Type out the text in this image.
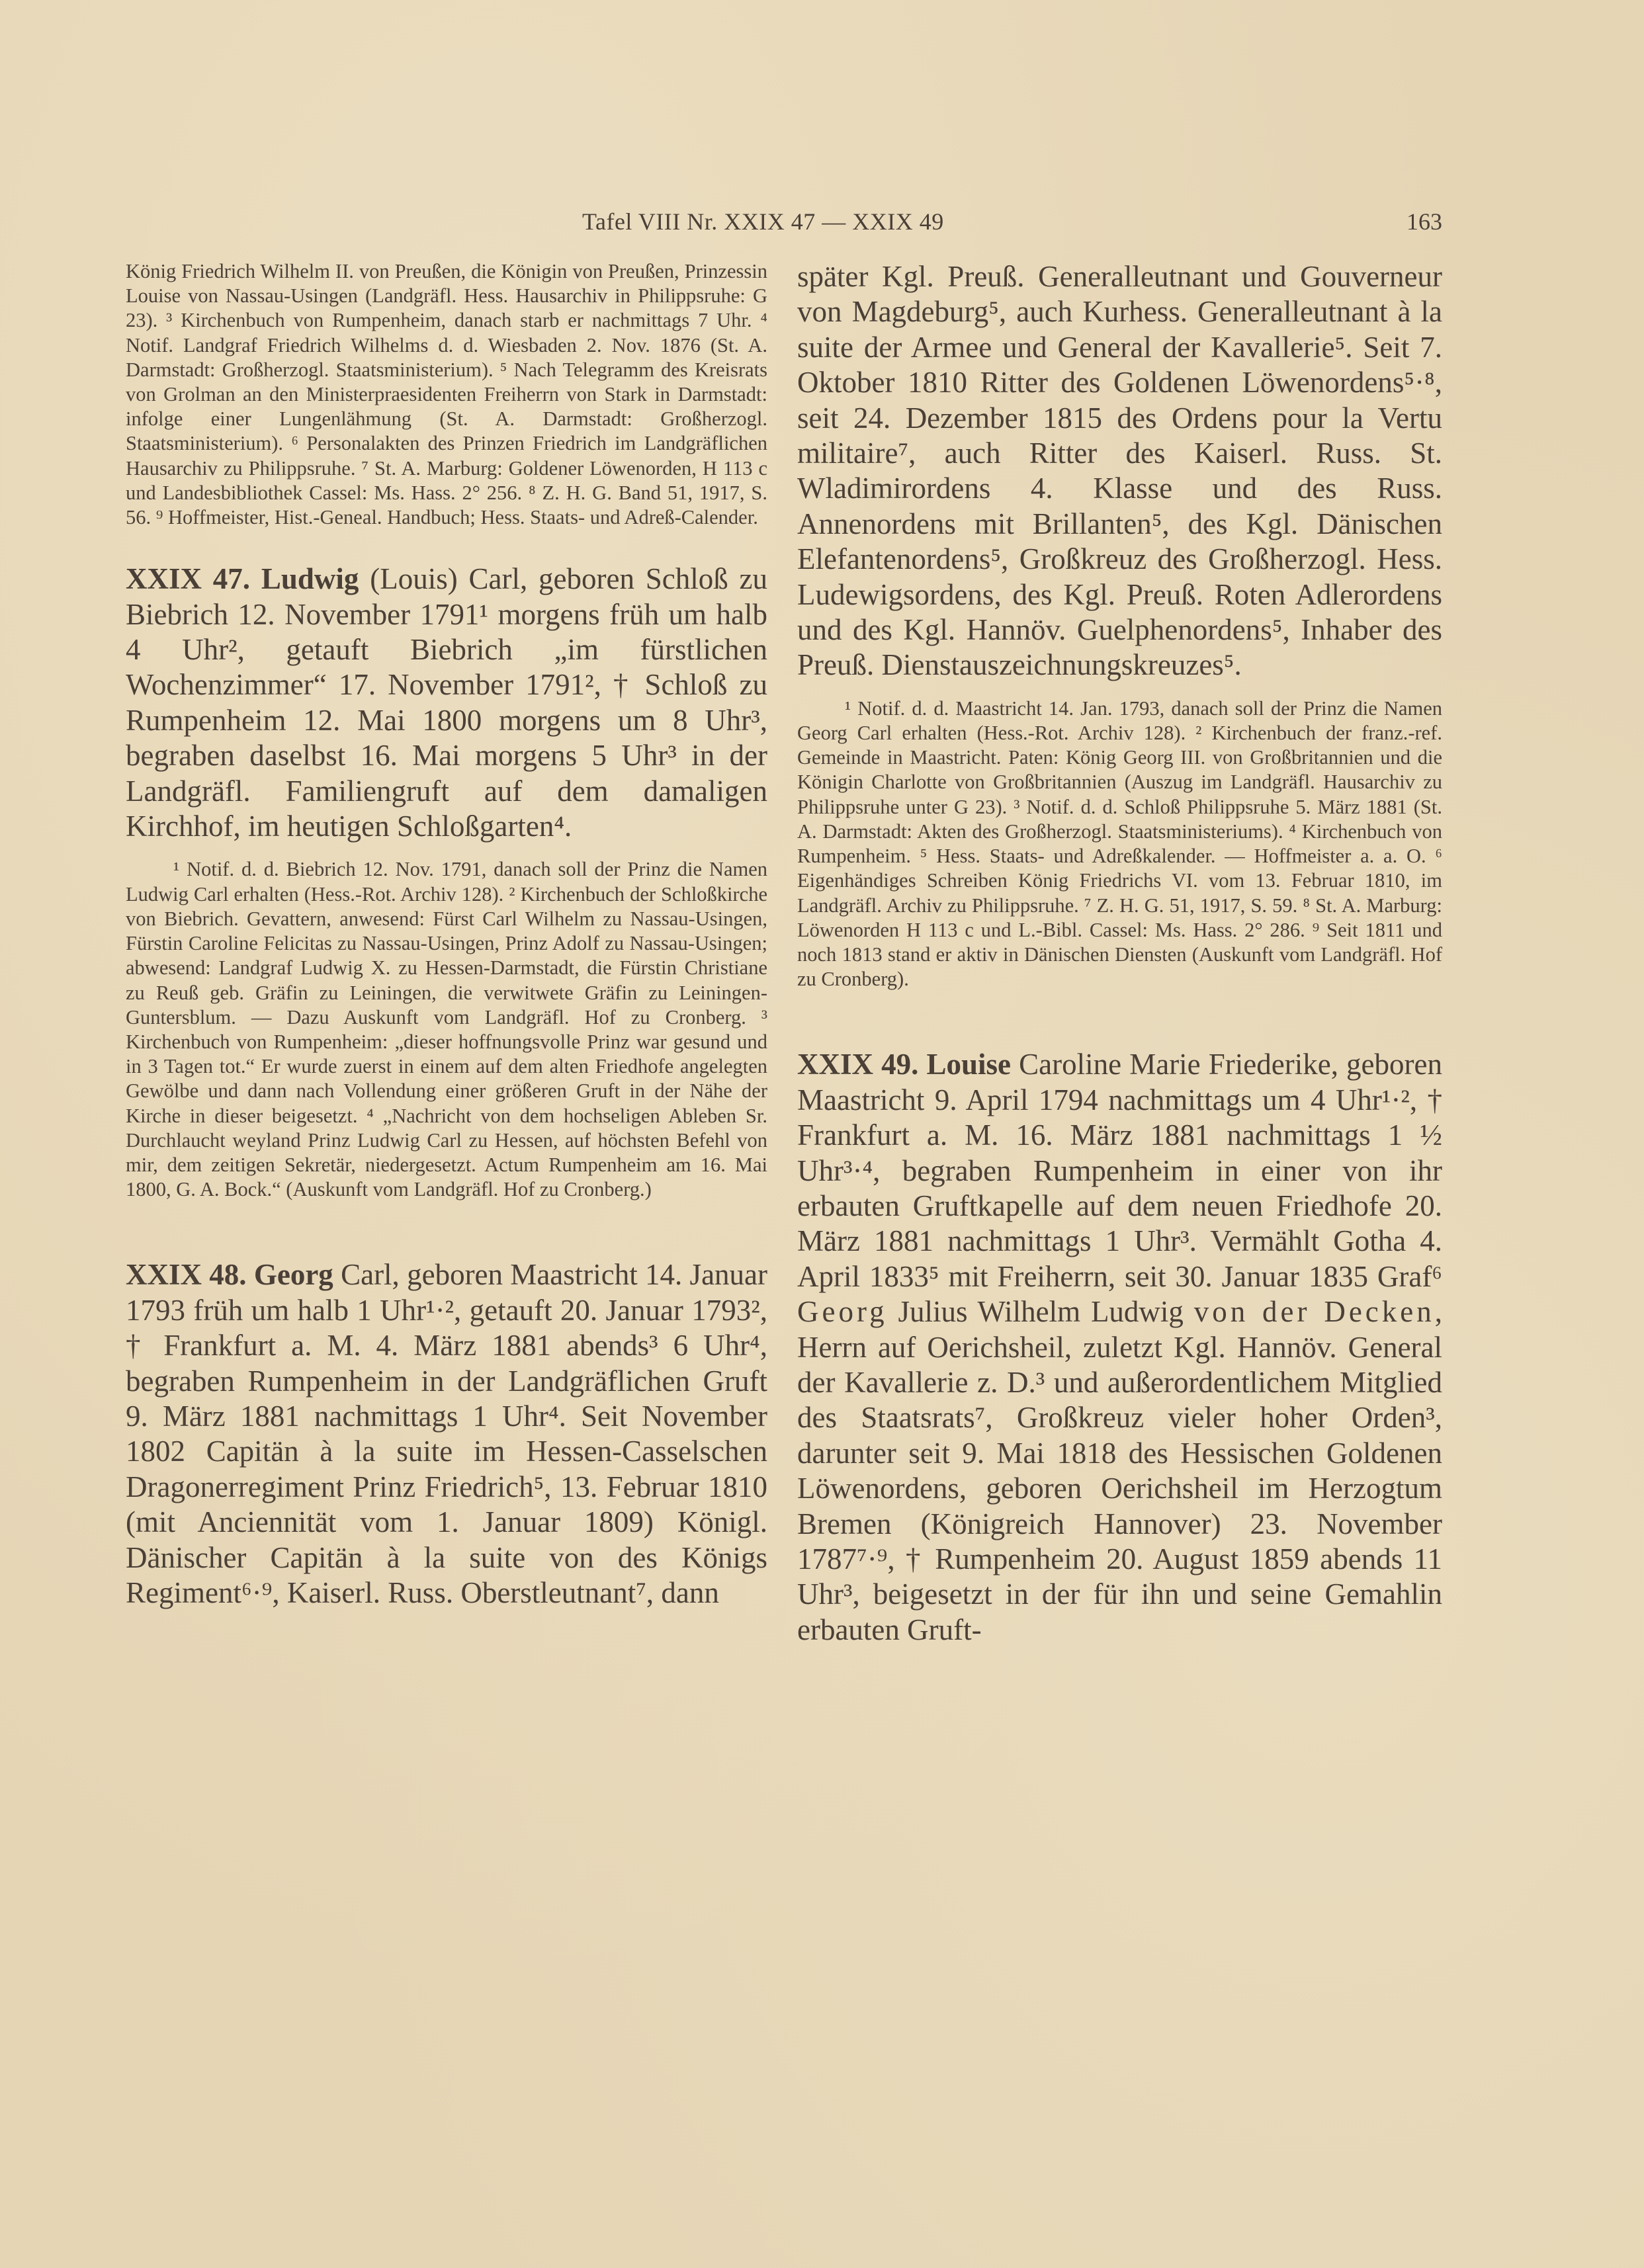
Tafel VIII Nr. XXIX 47 — XXIX 49	163

König Friedrich Wilhelm II. von Preußen, die Königin von Preußen, Prinzessin Louise von Nassau-Usingen (Landgräfl. Hess. Hausarchiv in Philippsruhe: G 23). ³ Kirchenbuch von Rumpenheim, danach starb er nachmittags 7 Uhr. ⁴ Notif. Landgraf Friedrich Wilhelms d. d. Wiesbaden 2. Nov. 1876 (St. A. Darmstadt: Großherzogl. Staatsministerium). ⁵ Nach Telegramm des Kreisrats von Grolman an den Ministerpraesidenten Freiherrn von Stark in Darmstadt: infolge einer Lungenlähmung (St. A. Darmstadt: Großherzogl. Staatsministerium). ⁶ Personalakten des Prinzen Friedrich im Landgräflichen Hausarchiv zu Philippsruhe. ⁷ St. A. Marburg: Goldener Löwenorden, H 113 c und Landesbibliothek Cassel: Ms. Hass. 2° 256. ⁸ Z. H. G. Band 51, 1917, S. 56. ⁹ Hoffmeister, Hist.-Geneal. Handbuch; Hess. Staats- und Adreß-Calender.

XXIX 47. Ludwig (Louis) Carl, geboren Schloß zu Biebrich 12. November 1791¹ morgens früh um halb 4 Uhr², getauft Biebrich „im fürstlichen Wochenzimmer“ 17. November 1791², † Schloß zu Rumpenheim 12. Mai 1800 morgens um 8 Uhr³, begraben daselbst 16. Mai morgens 5 Uhr³ in der Landgräfl. Familiengruft auf dem damaligen Kirchhof, im heutigen Schloßgarten⁴.

¹ Notif. d. d. Biebrich 12. Nov. 1791, danach soll der Prinz die Namen Ludwig Carl erhalten (Hess.-Rot. Archiv 128). ² Kirchenbuch der Schloßkirche von Biebrich. Gevattern, anwesend: Fürst Carl Wilhelm zu Nassau-Usingen, Fürstin Caroline Felicitas zu Nassau-Usingen, Prinz Adolf zu Nassau-Usingen; abwesend: Landgraf Ludwig X. zu Hessen-Darmstadt, die Fürstin Christiane zu Reuß geb. Gräfin zu Leiningen, die verwitwete Gräfin zu Leiningen-Guntersblum. — Dazu Auskunft vom Landgräfl. Hof zu Cronberg. ³ Kirchenbuch von Rumpenheim: „dieser hoffnungsvolle Prinz war gesund und in 3 Tagen tot.“ Er wurde zuerst in einem auf dem alten Friedhofe angelegten Gewölbe und dann nach Vollendung einer größeren Gruft in der Nähe der Kirche in dieser beigesetzt. ⁴ „Nachricht von dem hochseligen Ableben Sr. Durchlaucht weyland Prinz Ludwig Carl zu Hessen, auf höchsten Befehl von mir, dem zeitigen Sekretär, niedergesetzt. Actum Rumpenheim am 16. Mai 1800, G. A. Bock.“ (Auskunft vom Landgräfl. Hof zu Cronberg.)

XXIX 48. Georg Carl, geboren Maastricht 14. Januar 1793 früh um halb 1 Uhr¹·², getauft 20. Januar 1793², † Frankfurt a. M. 4. März 1881 abends³ 6 Uhr⁴, begraben Rumpenheim in der Landgräflichen Gruft 9. März 1881 nachmittags 1 Uhr⁴. Seit November 1802 Capitän à la suite im Hessen-Casselschen Dragonerregiment Prinz Friedrich⁵, 13. Februar 1810 (mit Anciennität vom 1. Januar 1809) Königl. Dänischer Capitän à la suite von des Königs Regiment⁶·⁹, Kaiserl. Russ. Oberstleutnant⁷, dann

später Kgl. Preuß. Generalleutnant und Gouverneur von Magdeburg⁵, auch Kurhess. Generalleutnant à la suite der Armee und General der Kavallerie⁵. Seit 7. Oktober 1810 Ritter des Goldenen Löwenordens⁵·⁸, seit 24. Dezember 1815 des Ordens pour la Vertu militaire⁷, auch Ritter des Kaiserl. Russ. St. Wladimirordens 4. Klasse und des Russ. Annenordens mit Brillanten⁵, des Kgl. Dänischen Elefantenordens⁵, Großkreuz des Großherzogl. Hess. Ludewigsordens, des Kgl. Preuß. Roten Adlerordens und des Kgl. Hannöv. Guelphenordens⁵, Inhaber des Preuß. Dienstauszeichnungskreuzes⁵.

¹ Notif. d. d. Maastricht 14. Jan. 1793, danach soll der Prinz die Namen Georg Carl erhalten (Hess.-Rot. Archiv 128). ² Kirchenbuch der franz.-ref. Gemeinde in Maastricht. Paten: König Georg III. von Großbritannien und die Königin Charlotte von Großbritannien (Auszug im Landgräfl. Hausarchiv zu Philippsruhe unter G 23). ³ Notif. d. d. Schloß Philippsruhe 5. März 1881 (St. A. Darmstadt: Akten des Großherzogl. Staatsministeriums). ⁴ Kirchenbuch von Rumpenheim. ⁵ Hess. Staats- und Adreßkalender. — Hoffmeister a. a. O. ⁶ Eigenhändiges Schreiben König Friedrichs VI. vom 13. Februar 1810, im Landgräfl. Archiv zu Philippsruhe. ⁷ Z. H. G. 51, 1917, S. 59. ⁸ St. A. Marburg: Löwenorden H 113 c und L.-Bibl. Cassel: Ms. Hass. 2° 286. ⁹ Seit 1811 und noch 1813 stand er aktiv in Dänischen Diensten (Auskunft vom Landgräfl. Hof zu Cronberg).

XXIX 49. Louise Caroline Marie Friederike, geboren Maastricht 9. April 1794 nachmittags um 4 Uhr¹·², † Frankfurt a. M. 16. März 1881 nachmittags 1 ½ Uhr³·⁴, begraben Rumpenheim in einer von ihr erbauten Gruftkapelle auf dem neuen Friedhofe 20. März 1881 nachmittags 1 Uhr³. Vermählt Gotha 4. April 1833⁵ mit Freiherrn, seit 30. Januar 1835 Graf⁶ Georg Julius Wilhelm Ludwig von der Decken, Herrn auf Oerichsheil, zuletzt Kgl. Hannöv. General der Kavallerie z. D.³ und außerordentlichem Mitglied des Staatsrats⁷, Großkreuz vieler hoher Orden³, darunter seit 9. Mai 1818 des Hessischen Goldenen Löwenordens, geboren Oerichsheil im Herzogtum Bremen (Königreich Hannover) 23. November 1787⁷·⁹, † Rumpenheim 20. August 1859 abends 11 Uhr³, beigesetzt in der für ihn und seine Gemahlin erbauten Gruft-
